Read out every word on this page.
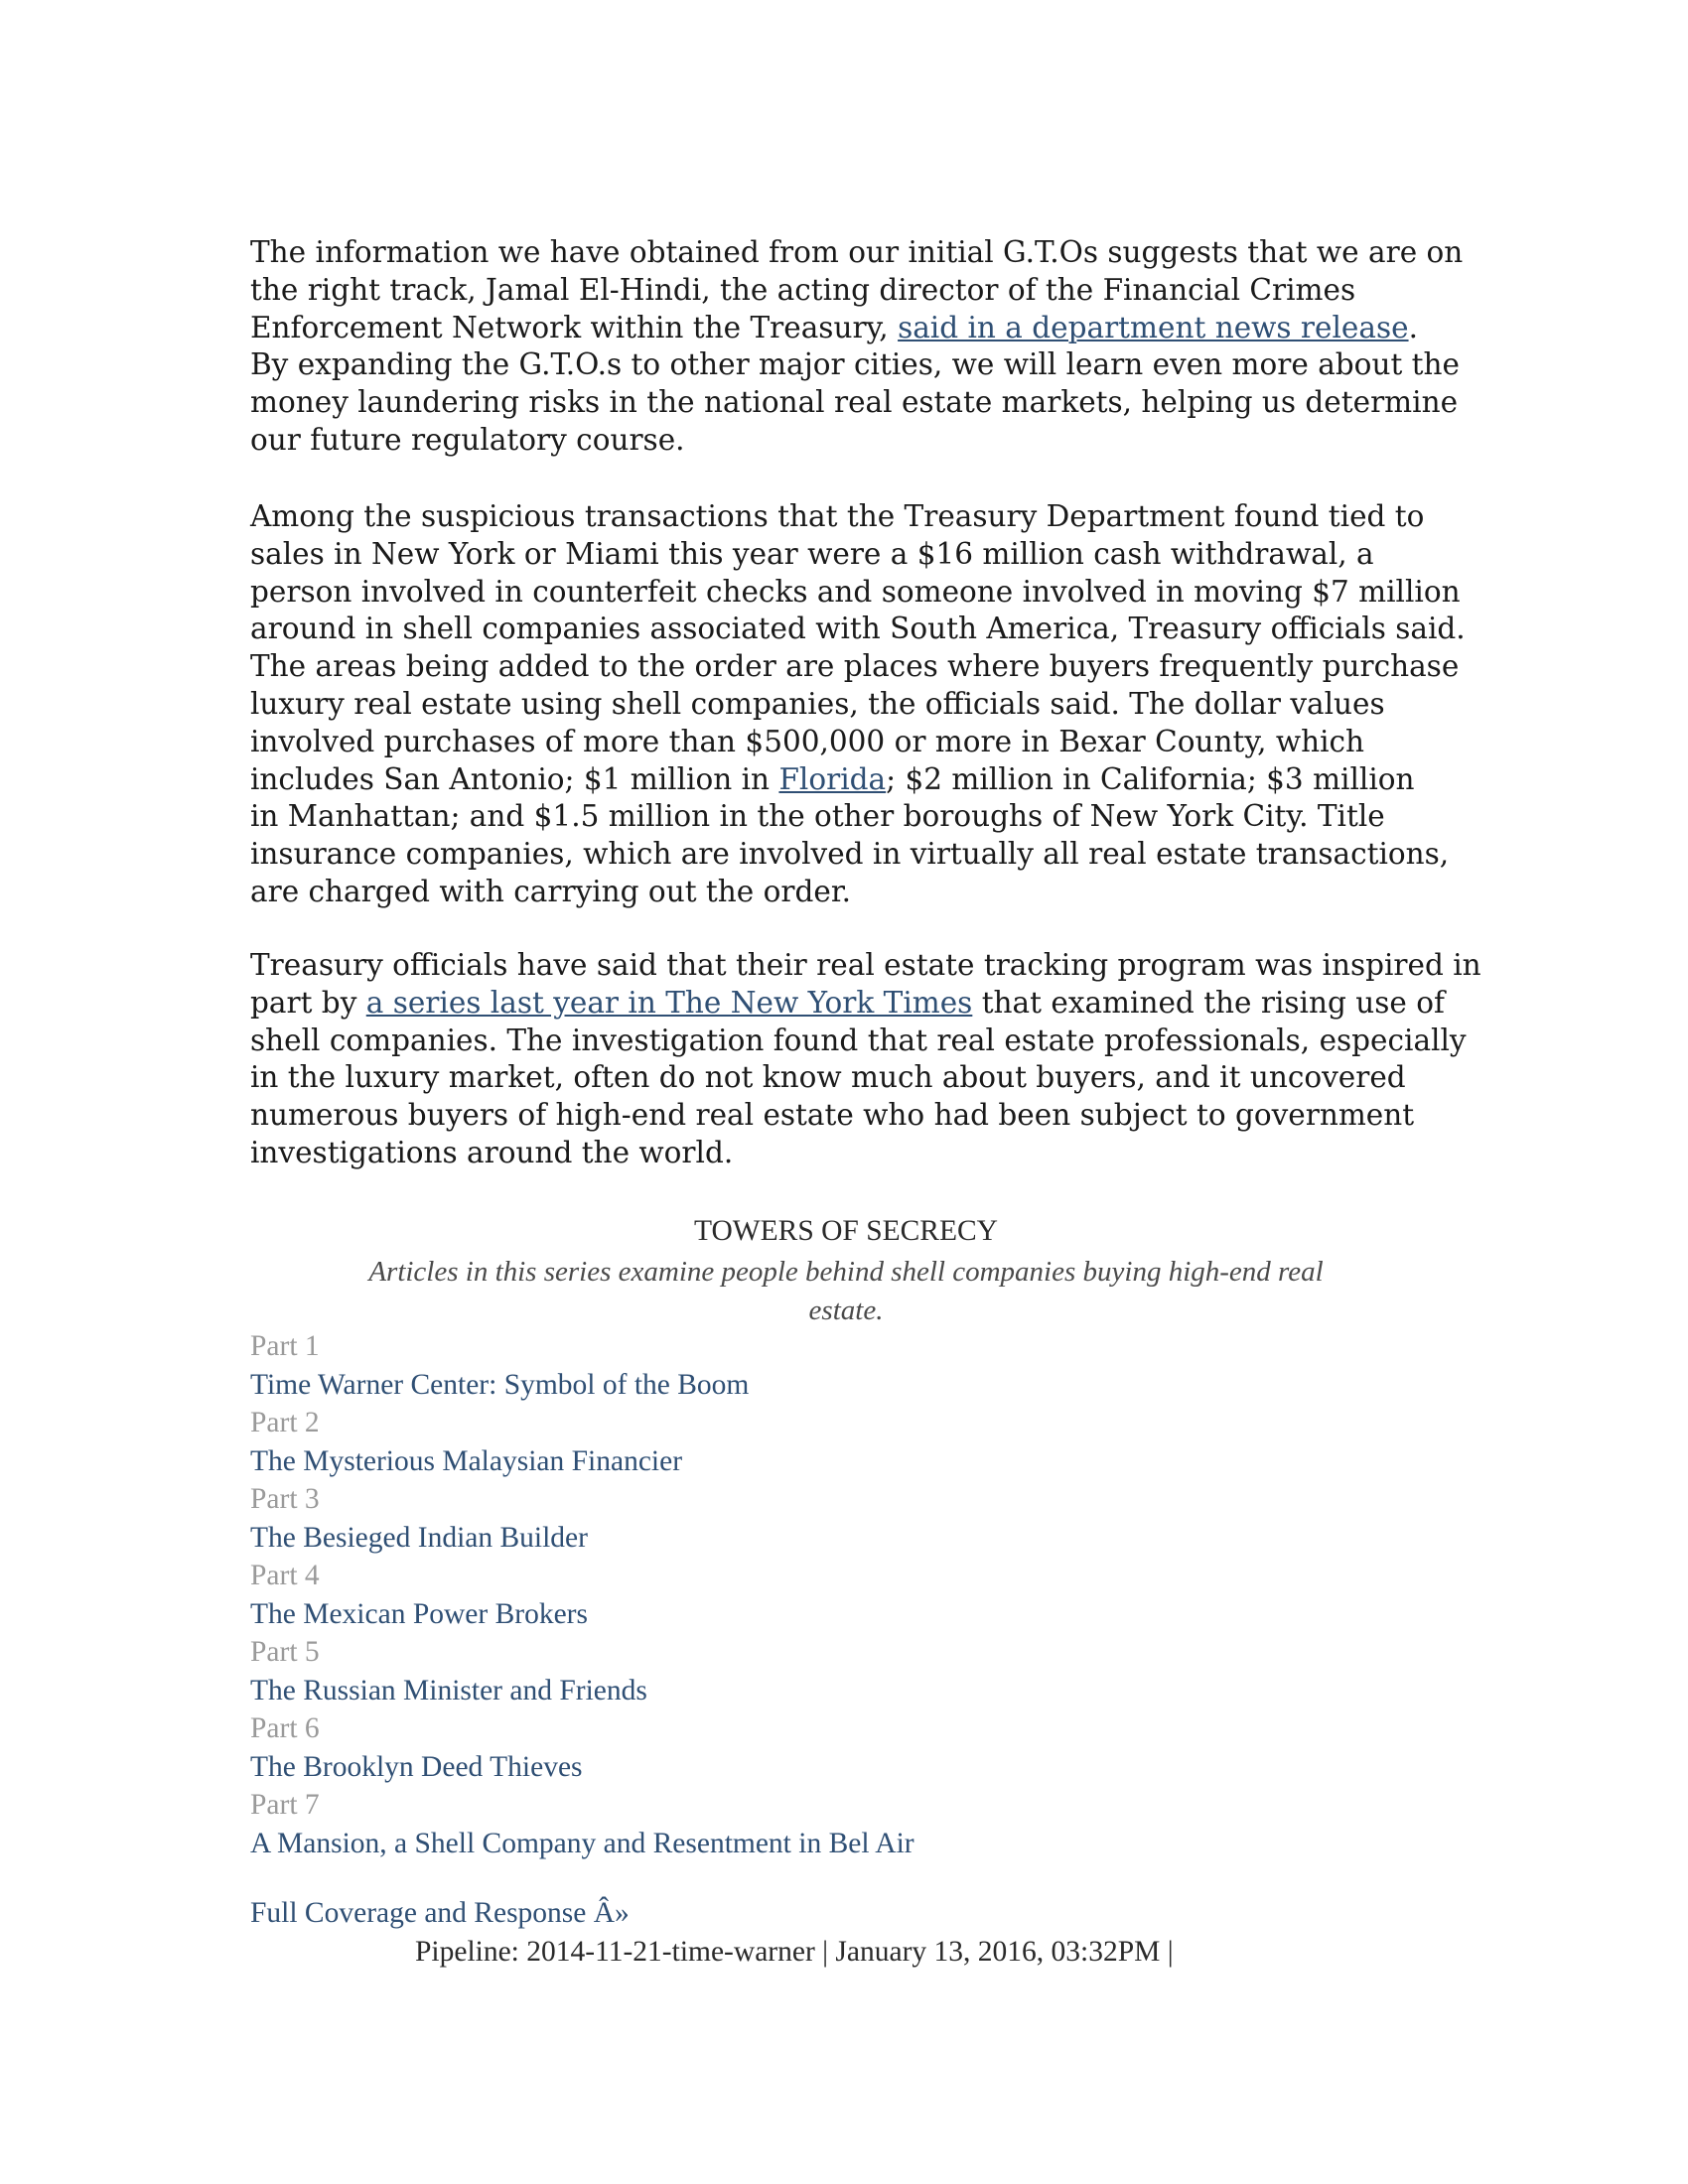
The information we have obtained from our initial G.T.Os suggests that we are on
the right track, Jamal El-Hindi, the acting director of the Financial Crimes
Enforcement Network within the Treasury, said in a department news release.
By expanding the G.T.O.s to other major cities, we will learn even more about the
money laundering risks in the national real estate markets, helping us determine
our future regulatory course.

Among the suspicious transactions that the Treasury Department found tied to
sales in New York or Miami this year were a $16 million cash withdrawal, a
person involved in counterfeit checks and someone involved in moving $7 million
around in shell companies associated with South America, Treasury officials said.
The areas being added to the order are places where buyers frequently purchase
luxury real estate using shell companies, the officials said. The dollar values
involved purchases of more than $500,000 or more in Bexar County, which
includes San Antonio; $1 million in Florida; $2 million in California; $3 million
in Manhattan; and $1.5 million in the other boroughs of New York City. Title
insurance companies, which are involved in virtually all real estate transactions,
are charged with carrying out the order.

Treasury officials have said that their real estate tracking program was inspired in
part by a series last year in The New York Times that examined the rising use of
shell companies. The investigation found that real estate professionals, especially
in the luxury market, often do not know much about buyers, and it uncovered
numerous buyers of high-end real estate who had been subject to government
investigations around the world.

TOWERS OF SECRECY
Articles in this series examine people behind shell companies buying high-end real
estate.
Part 1
Time Warner Center: Symbol of the Boom
Part 2
The Mysterious Malaysian Financier
Part 3
The Besieged Indian Builder
Part 4
The Mexican Power Brokers
Part 5
The Russian Minister and Friends
Part 6
The Brooklyn Deed Thieves
Part 7
A Mansion, a Shell Company and Resentment in Bel Air
Full Coverage and Response Â»
Pipeline: 2014-11-21-time-warner | January 13, 2016, 03:32PM |
